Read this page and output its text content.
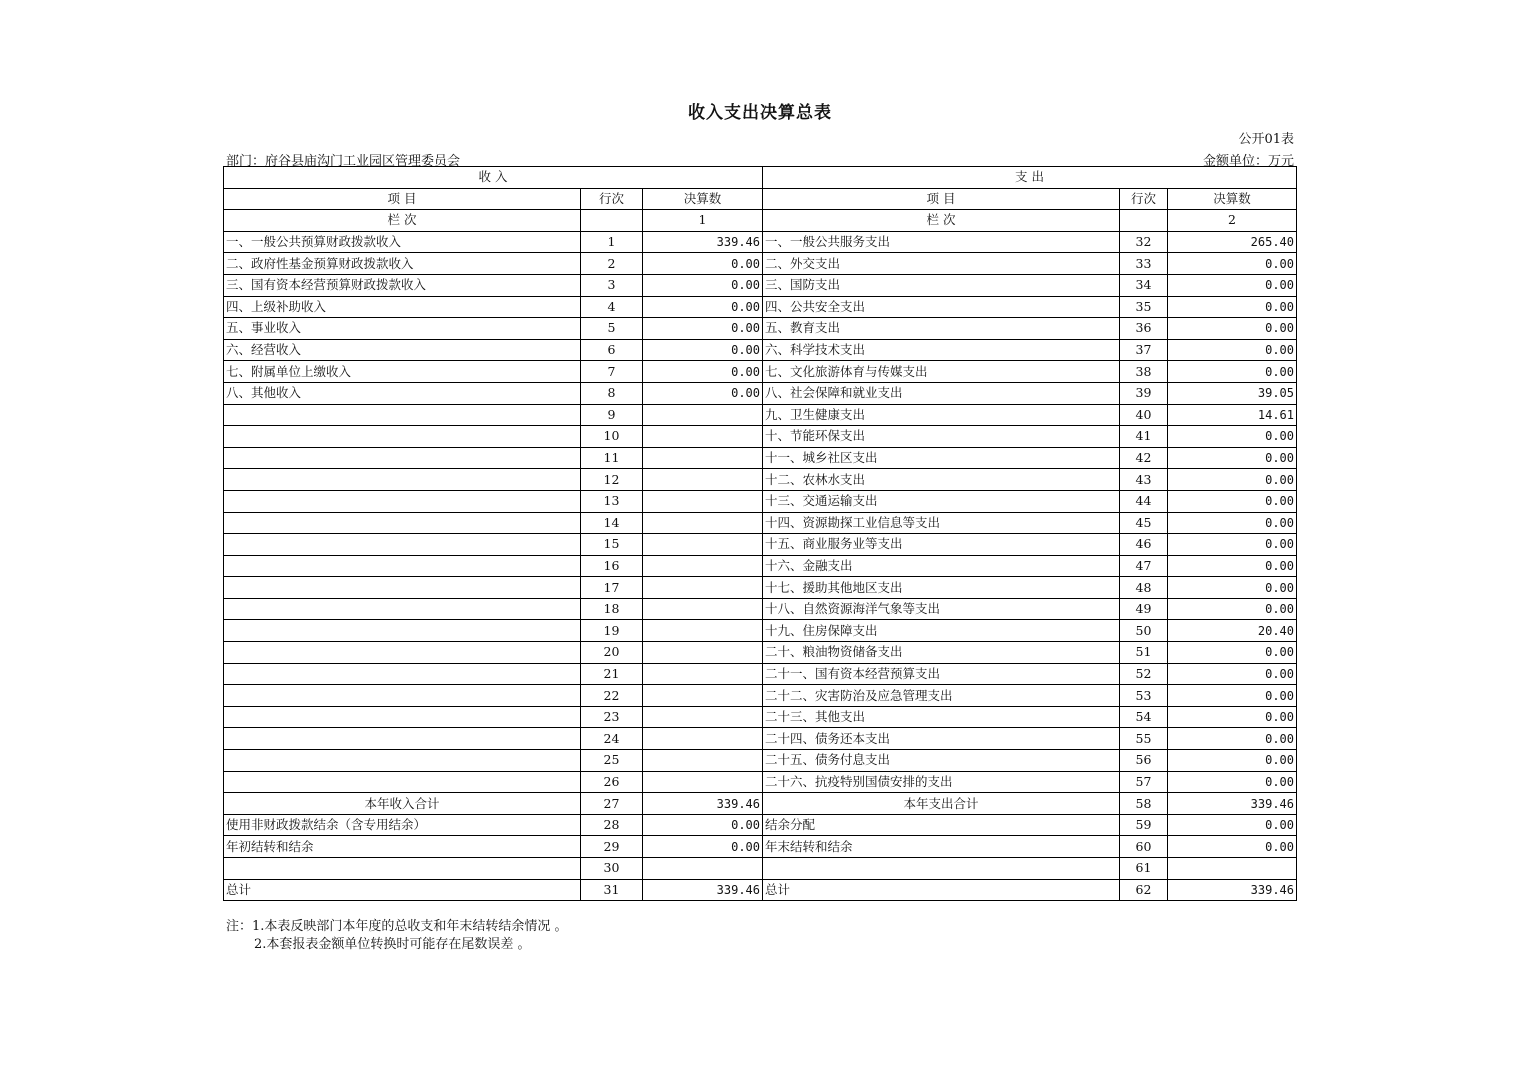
收入支出决算总表
公开01表
部门：府谷县庙沟门工业园区管理委员会	金额单位：万元
收 入			支 出		
项 目	行次	决算数	项 目	行次	决算数
栏 次		1	栏 次		2
一、一般公共预算财政拨款收入	1	339.46	一、一般公共服务支出	32	265.40
二、政府性基金预算财政拨款收入	2	0.00	二、外交支出	33	0.00
三、国有资本经营预算财政拨款收入	3	0.00	三、国防支出	34	0.00
四、上级补助收入	4	0.00	四、公共安全支出	35	0.00
五、事业收入	5	0.00	五、教育支出	36	0.00
六、经营收入	6	0.00	六、科学技术支出	37	0.00
七、附属单位上缴收入	7	0.00	七、文化旅游体育与传媒支出	38	0.00
八、其他收入	8	0.00	八、社会保障和就业支出	39	39.05
	9		九、卫生健康支出	40	14.61
	10		十、节能环保支出	41	0.00
	11		十一、城乡社区支出	42	0.00
	12		十二、农林水支出	43	0.00
	13		十三、交通运输支出	44	0.00
	14		十四、资源勘探工业信息等支出	45	0.00
	15		十五、商业服务业等支出	46	0.00
	16		十六、金融支出	47	0.00
	17		十七、援助其他地区支出	48	0.00
	18		十八、自然资源海洋气象等支出	49	0.00
	19		十九、住房保障支出	50	20.40
	20		二十、粮油物资储备支出	51	0.00
	21		二十一、国有资本经营预算支出	52	0.00
	22		二十二、灾害防治及应急管理支出	53	0.00
	23		二十三、其他支出	54	0.00
	24		二十四、债务还本支出	55	0.00
	25		二十五、债务付息支出	56	0.00
	26		二十六、抗疫特别国债安排的支出	57	0.00
本年收入合计	27	339.46	本年支出合计	58	339.46
使用非财政拨款结余（含专用结余）	28	0.00	结余分配	59	0.00
年初结转和结余	29	0.00	年末结转和结余	60	0.00
	30			61	
总计	31	339.46	总计	62	339.46
注：1.本表反映部门本年度的总收支和年末结转结余情况 。
2.本套报表金额单位转换时可能存在尾数误差 。
